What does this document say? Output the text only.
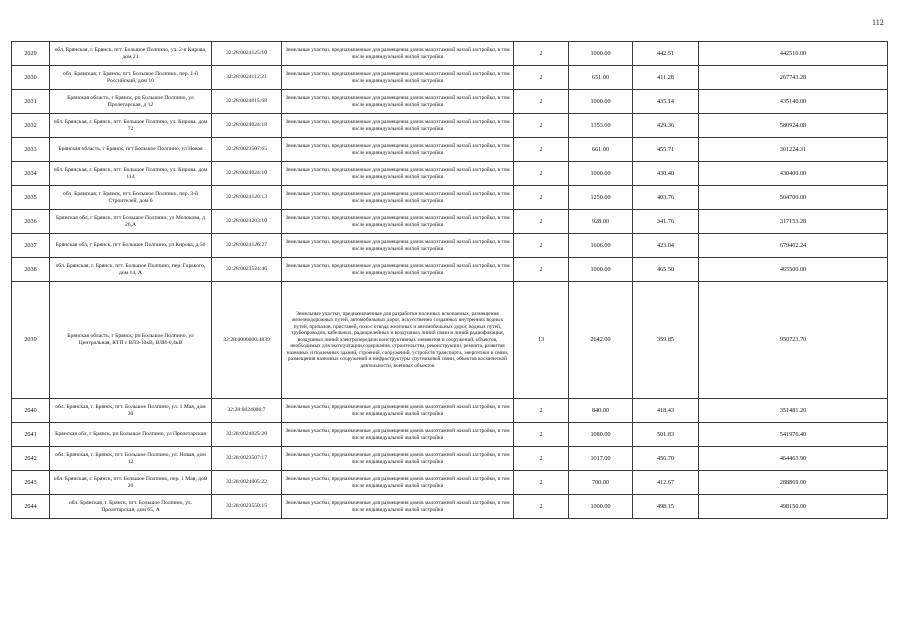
112
2029	обл. Брянская, г. Брянск, пгт. Большое Полпино, ул. 2-я Кирова, дом 21	32:28:0024125:10	Земельные участки, предназначенные для размещения домов малоэтажной жилой застройки, в том числе индивидуальной жилой застройки	2	1000.00	442.51	442510.00
2030	обл. Брянская, г. Брянск, пгт. Большое Полпино, пер. 1-й Российский, дом 10	32:28:0024112:21	Земельные участки, предназначенные для размещения домов малоэтажной жилой застройки, в том числе индивидуальной жилой застройки	2	651.00	411.28	267743.28
2031	Брянская область, г Брянск, рп Большое Полпино, ул Пролетарская, д 12	32:28:0024015:68	Земельные участки, предназначенные для размещения домов малоэтажной жилой застройки, в том числе индивидуальной жилой застройки	2	1000.00	435.14	435140.00
2032	обл. Брянская, г. Брянск, пгт. Большое Полпино, ул. Кирова, дом 72	32:28:0024024:18	Земельные участки, предназначенные для размещения домов малоэтажной жилой застройки, в том числе индивидуальной жилой застройки	2	1353.00	429.36	580924.08
2033	Брянская область, г Брянск, пгт Большое Полпино, ул Новая	32:28:0023507:65	Земельные участки, предназначенные для размещения домов малоэтажной жилой застройки, в том числе индивидуальной жилой застройки	2	661.00	455.71	301224.31
2034	обл. Брянская, г. Брянск, пгт. Большое Полпино, ул. Кирова, дом 114	32:28:0024024:10	Земельные участки, предназначенные для размещения домов малоэтажной жилой застройки, в том числе индивидуальной жилой застройки	2	1000.00	430.40	430400.00
2035	обл. Брянская, г. Брянск, пгт. Большое Полпино, пер. 3-й Строителей, дом 6	32:28:0024120:13	Земельные участки, предназначенные для размещения домов малоэтажной жилой застройки, в том числе индивидуальной жилой застройки	2	1250.00	403.76	504700.00
2036	Брянская обл, г Брянск, пгт Большое Полпино, ул Молокова, д 26,А	32:28:0024203:10	Земельные участки, предназначенные для размещения домов малоэтажной жилой застройки, в том числе индивидуальной жилой застройки	2	928.00	341.76	317153.28
2037	Брянская обл, г Брянск, пгт Большое Полпино, ул Кирова, д 50	32:28:0024126:27	Земельные участки, предназначенные для размещения домов малоэтажной жилой застройки, в том числе индивидуальной жилой застройки	2	1606.00	423.04	679402.24
2038	обл. Брянская, г. Брянск, пгт. Большое Полпино, пер. Горького, дом 14, А	32:28:0023524:46	Земельные участки, предназначенные для размещения домов малоэтажной жилой застройки, в том числе индивидуальной жилой застройки	2	1000.00	465.50	465500.00
2039	Брянская область, г Брянск, рп Большое Полпино, ул Центральная, КТП с ВЛЗ-10кВ, ВЛИ-0,4кВ	32:28:0000000:4839	Земельные участки, предназначенные для разработки полезных ископаемых, размещения железнодорожных путей, автомобильных дорог, искусственно созданных внутренних водных путей, причалов, пристаней, полос отвода железных и автомобильных дорог, водных путей, трубопроводов, кабельных, радиорелейных и воздушных линий связи и линий радиофикации, воздушных линий электропередачи конструктивных элементов и сооружений, объектов, необходимых для эксплуатации,содержания, строительства, реконструкции, ремонта, развития наземных и подземных зданий, строений, сооружений, устройств транспорта, энергетики и связи, размещения наземных сооружений и инфраструктуры спутниковой связи, объектов космической деятельности, военных объектов	13	2642.00	359.85	950723.70
2040	обл. Брянская, г. Брянск, пгт. Большое Полпино, ул. 1 Мая, дом 30	32:28:0024006:7	Земельные участки, предназначенные для размещения домов малоэтажной жилой застройки, в том числе индивидуальной жилой застройки	2	840.00	418.43	351481.20
2041	Брянская обл, г Брянск, рп Большое Полпино, ул Пролетарская	32:28:0024025:20	Земельные участки, предназначенные для размещения домов малоэтажной жилой застройки, в том числе индивидуальной жилой застройки	2	1080.00	501.83	541976.40
2042	обл. Брянская, г. Брянск, пгт. Большое Полпино, ул. Новая, дом 12	32:28:0023507:17	Земельные участки, предназначенные для размещения домов малоэтажной жилой застройки, в том числе индивидуальной жилой застройки	2	1017.00	456.70	464463.90
2043	обл. Брянская, г. Брянск, пгт. Большое Полпино, пер. 1 Мая, дом 20	32:28:0024005:22	Земельные участки, предназначенные для размещения домов малоэтажной жилой застройки, в том числе индивидуальной жилой застройки	2	700.00	412.67	288869.00
2044	обл. Брянская, г. Брянск, пгт. Большое Полпино, ул. Пролетарская, дом 65, А	32:28:0023550:15	Земельные участки, предназначенные для размещения домов малоэтажной жилой застройки, в том числе индивидуальной жилой застройки	2	1000.00	498.15	498150.00
